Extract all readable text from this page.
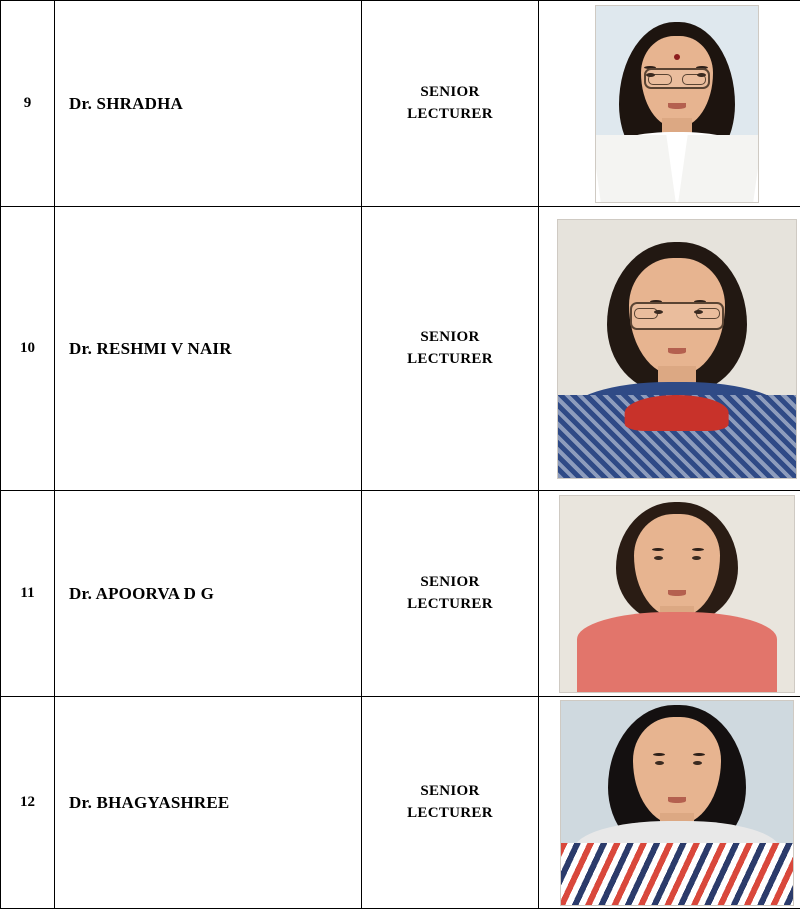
9	Dr. SHRADHA	SENIOR
LECTURER	

10	Dr. RESHMI V NAIR	SENIOR
LECTURER	

11	Dr. APOORVA D G	SENIOR
LECTURER	

12	Dr. BHAGYASHREE	SENIOR
LECTURER	
